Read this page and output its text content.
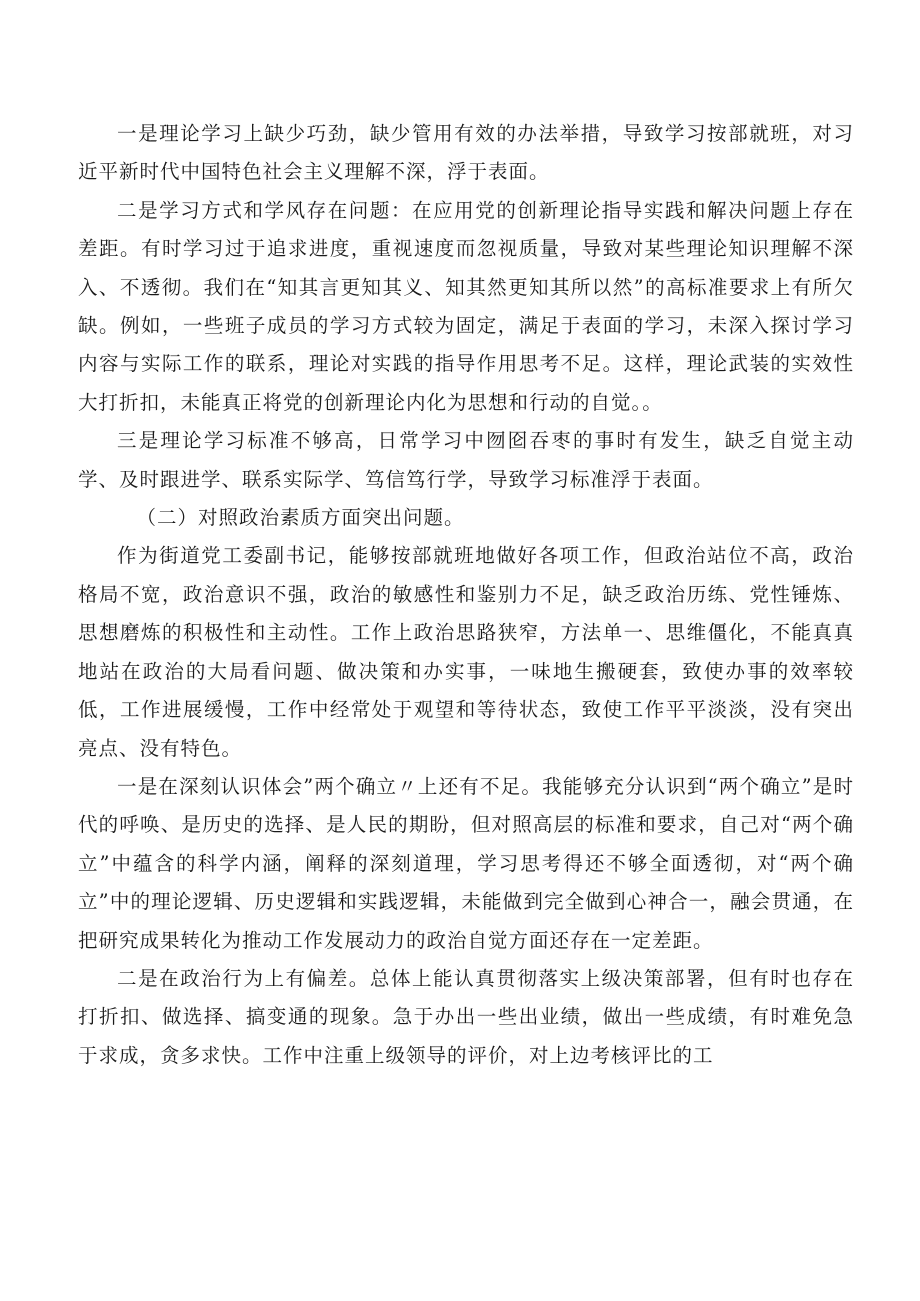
一是理论学习上缺少巧劲，缺少管用有效的办法举措，导致学习按部就班，对习近平新时代中国特色社会主义理解不深，浮于表面。

二是学习方式和学风存在问题：在应用党的创新理论指导实践和解决问题上存在差距。有时学习过于追求进度，重视速度而忽视质量，导致对某些理论知识理解不深入、不透彻。我们在“知其言更知其义、知其然更知其所以然”的高标准要求上有所欠缺。例如，一些班子成员的学习方式较为固定，满足于表面的学习，未深入探讨学习内容与实际工作的联系，理论对实践的指导作用思考不足。这样，理论武装的实效性大打折扣，未能真正将党的创新理论内化为思想和行动的自觉。。

三是理论学习标准不够高，日常学习中囫囵吞枣的事时有发生，缺乏自觉主动学、及时跟进学、联系实际学、笃信笃行学，导致学习标准浮于表面。

（二）对照政治素质方面突出问题。

作为街道党工委副书记，能够按部就班地做好各项工作，但政治站位不高，政治格局不宽，政治意识不强，政治的敏感性和鉴别力不足，缺乏政治历练、党性锤炼、思想磨炼的积极性和主动性。工作上政治思路狭窄，方法单一、思维僵化，不能真真地站在政治的大局看问题、做决策和办实事，一味地生搬硬套，致使办事的效率较低，工作进展缓慢，工作中经常处于观望和等待状态，致使工作平平淡淡，没有突出亮点、没有特色。

一是在深刻认识体会”两个确立〃上还有不足。我能够充分认识到“两个确立”是时代的呼唤、是历史的选择、是人民的期盼，但对照高层的标准和要求，自己对“两个确立”中蕴含的科学内涵，阐释的深刻道理，学习思考得还不够全面透彻，对“两个确立”中的理论逻辑、历史逻辑和实践逻辑，未能做到完全做到心神合一，融会贯通，在把研究成果转化为推动工作发展动力的政治自觉方面还存在一定差距。

二是在政治行为上有偏差。总体上能认真贯彻落实上级决策部署，但有时也存在打折扣、做选择、搞变通的现象。急于办出一些出业绩，做出一些成绩，有时难免急于求成，贪多求快。工作中注重上级领导的评价，对上边考核评比的工
